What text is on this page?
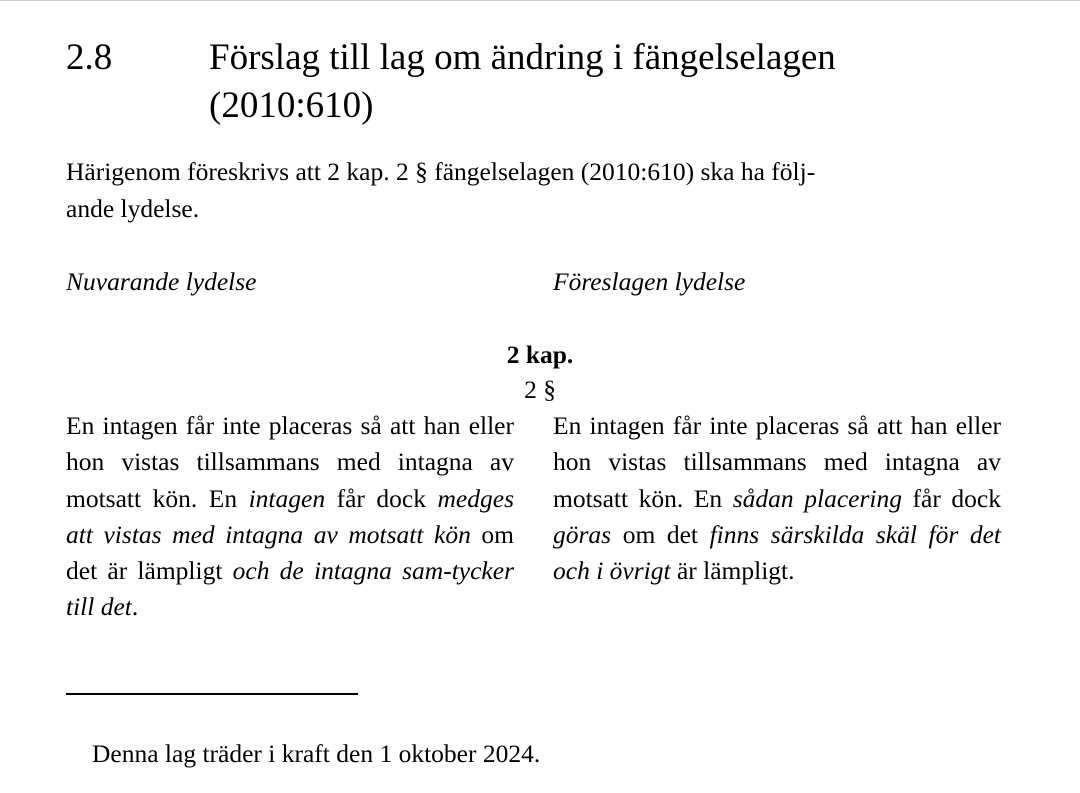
2.8	Förslag till lag om ändring i fängelselagen
(2010:610)
Härigenom föreskrivs att 2 kap. 2 § fängelselagen (2010:610) ska ha följ-
ande lydelse.
Nuvarande lydelse	Föreslagen lydelse
2 kap.
2 §
En intagen får inte placeras så att han eller hon vistas tillsammans med intagna av motsatt kön. En intagen får dock medges att vistas med intagna av motsatt kön om det är lämpligt och de intagna sam-tycker till det.
En intagen får inte placeras så att han eller hon vistas tillsammans med intagna av motsatt kön. En sådan placering får dock göras om det finns särskilda skäl för det och i övrigt är lämpligt.
Denna lag träder i kraft den 1 oktober 2024.
